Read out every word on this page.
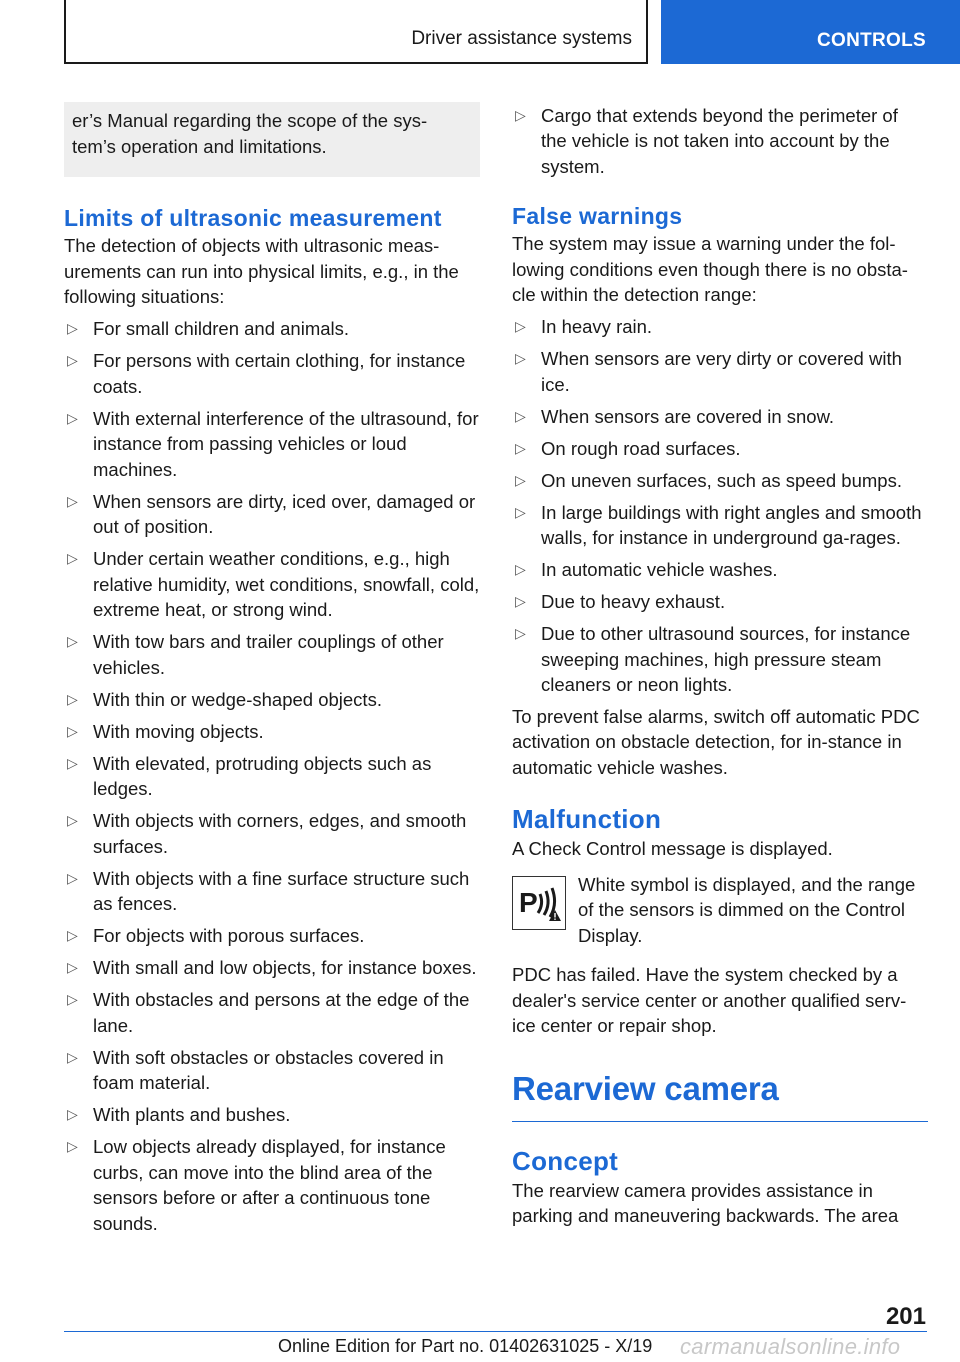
Driver assistance systems	CONTROLS
er’s Manual regarding the scope of the sys-
tem’s operation and limitations.
Limits of ultrasonic measurement

The detection of objects with ultrasonic meas-urements can run into physical limits, e.g., in the following situations:

▷ For small children and animals.
▷ For persons with certain clothing, for instance coats.
▷ With external interference of the ultrasound, for instance from passing vehicles or loud machines.
▷ When sensors are dirty, iced over, damaged or out of position.
▷ Under certain weather conditions, e.g., high relative humidity, wet conditions, snowfall, cold, extreme heat, or strong wind.
▷ With tow bars and trailer couplings of other vehicles.
▷ With thin or wedge-shaped objects.
▷ With moving objects.
▷ With elevated, protruding objects such as ledges.
▷ With objects with corners, edges, and smooth surfaces.
▷ With objects with a fine surface structure such as fences.
▷ For objects with porous surfaces.
▷ With small and low objects, for instance boxes.
▷ With obstacles and persons at the edge of the lane.
▷ With soft obstacles or obstacles covered in foam material.
▷ With plants and bushes.
▷ Low objects already displayed, for instance curbs, can move into the blind area of the sensors before or after a continuous tone sounds.
▷ Cargo that extends beyond the perimeter of the vehicle is not taken into account by the system.
False warnings

The system may issue a warning under the fol-lowing conditions even though there is no obsta-cle within the detection range:

▷ In heavy rain.
▷ When sensors are very dirty or covered with ice.
▷ When sensors are covered in snow.
▷ On rough road surfaces.
▷ On uneven surfaces, such as speed bumps.
▷ In large buildings with right angles and smooth walls, for instance in underground ga-rages.
▷ In automatic vehicle washes.
▷ Due to heavy exhaust.
▷ Due to other ultrasound sources, for instance sweeping machines, high pressure steam cleaners or neon lights.

To prevent false alarms, switch off automatic PDC activation on obstacle detection, for in-stance in automatic vehicle washes.

Malfunction

A Check Control message is displayed.

P
White symbol is displayed, and the range of the sensors is dimmed on the Control Display.

PDC has failed. Have the system checked by a dealer's service center or another qualified serv-ice center or repair shop.

Rearview camera
Concept

The rearview camera provides assistance in parking and maneuvering backwards. The area

201
carmanualsonline.info
Online Edition for Part no. 01402631025 - X/19
